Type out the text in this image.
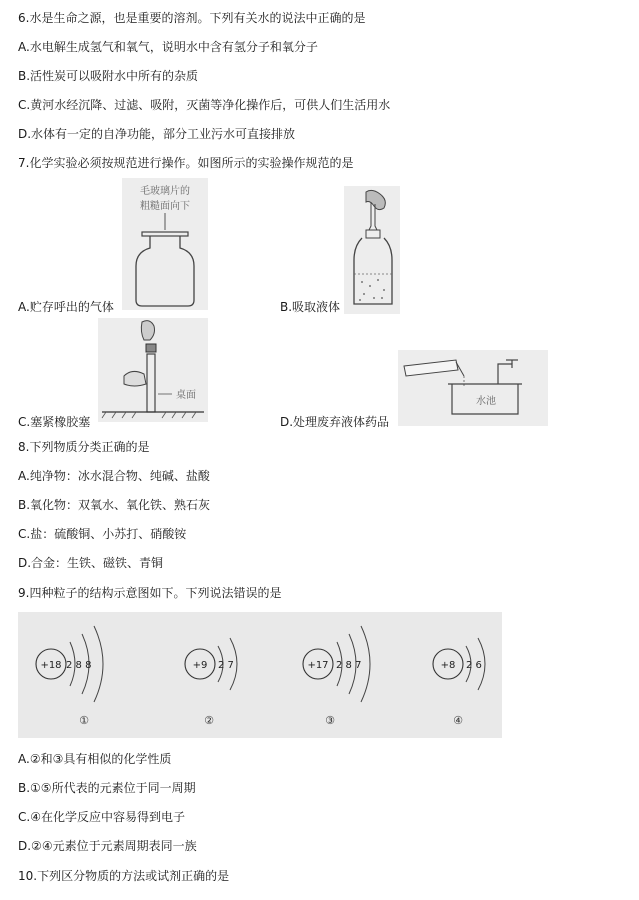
6.水是生命之源，也是重要的溶剂。下列有关水的说法中正确的是
A.水电解生成氢气和氧气，说明水中含有氢分子和氧分子
B.活性炭可以吸附水中所有的杂质
C.黄河水经沉降、过滤、吸附，灭菌等净化操作后，可供人们生活用水
D.水体有一定的自净功能，部分工业污水可直接排放
7.化学实验必须按规范进行操作。如图所示的实验操作规范的是
毛玻璃片的
粗糙面向下
A.贮存呼出的气体	B.吸取液体
桌面
C.塞紧橡胶塞
水池
D.处理废弃液体药品
8.下列物质分类正确的是
A.纯净物：冰水混合物、纯碱、盐酸
B.氧化物：双氧水、氧化铁、熟石灰
C.盐：硫酸铜、小苏打、硝酸铵
D.合金：生铁、磁铁、青铜
9.四种粒子的结构示意图如下。下列说法错误的是
+18 2 8 8
①
+9 2 7
②
+17 2 8 7
③
+8 2 6
④
A.②和③具有相似的化学性质
B.①⑤所代表的元素位于同一周期
C.④在化学反应中容易得到电子
D.②④元素位于元素周期表同一族
10.下列区分物质的方法或试剂正确的是
